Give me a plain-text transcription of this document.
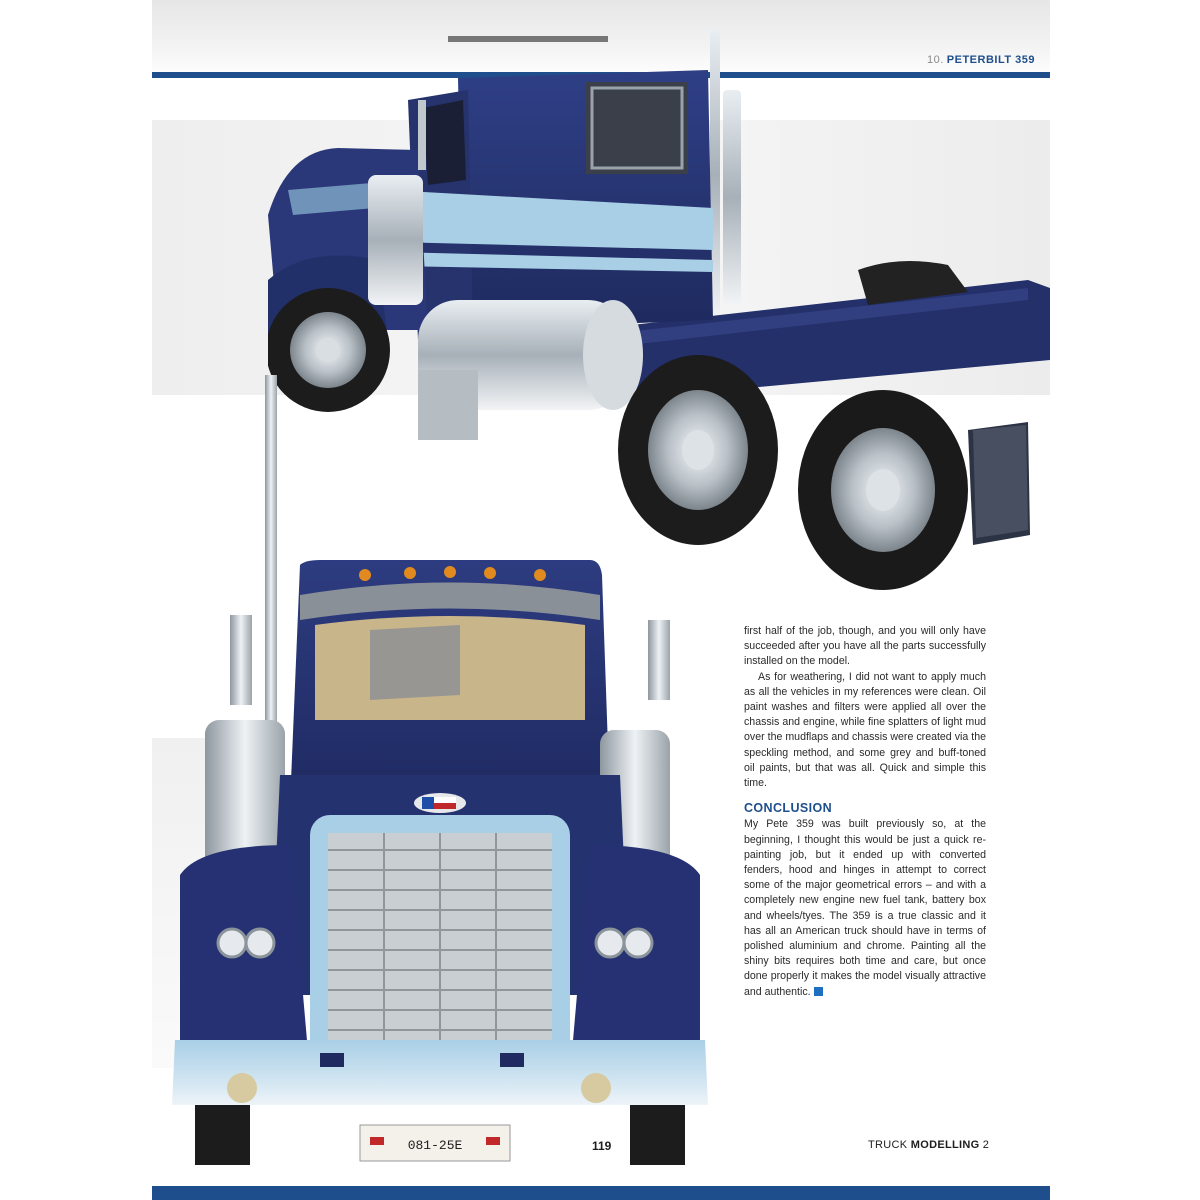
10. PETERBILT 359
081-25E

first half of the job, though, and you will only have succeeded after you have all the parts successfully installed on the model.

As for weathering, I did not want to apply much as all the vehicles in my references were clean. Oil paint washes and filters were applied all over the chassis and engine, while fine splatters of light mud over the mudflaps and chassis were created via the speckling method, and some grey and buff-toned oil paints, but that was all. Quick and simple this time.

CONCLUSION

My Pete 359 was built previously so, at the beginning, I thought this would be just a quick re-painting job, but it ended up with converted fenders, hood and hinges in attempt to correct some of the major geometrical errors – and with a completely new engine new fuel tank, battery box and wheels/tyes. The 359 is a true classic and it has all an American truck should have in terms of polished aluminium and chrome. Painting all the shiny bits requires both time and care, but once done properly it makes the model visually attractive and authentic.

119	TRUCK MODELLING 2
